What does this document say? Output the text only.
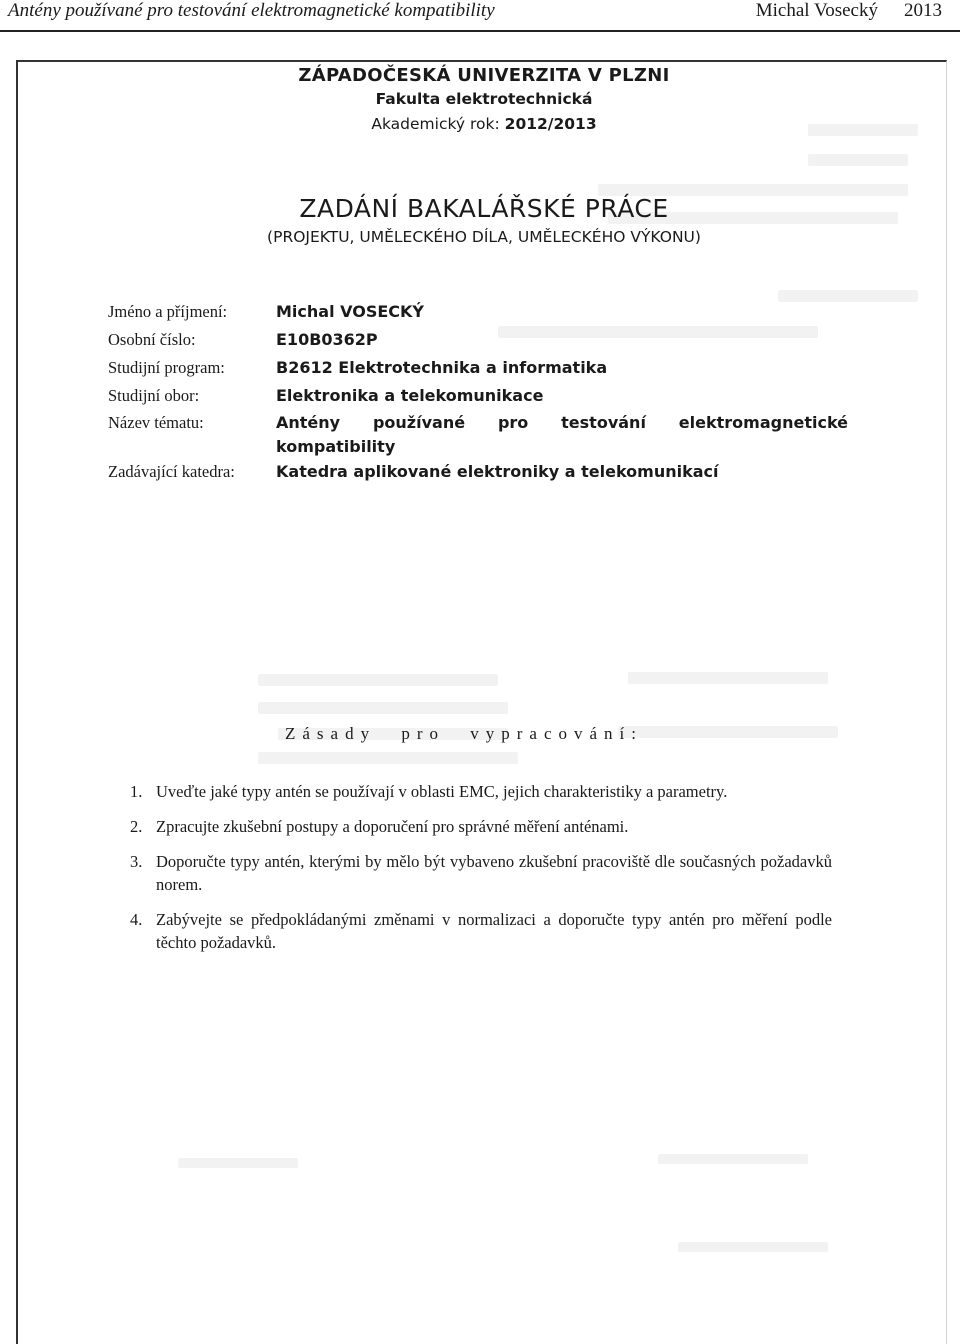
Antény používané pro testování elektromagnetické kompatibility	Michal Vosecký 2013
ZÁPADOČESKÁ UNIVERZITA V PLZNI
Fakulta elektrotechnická
Akademický rok: 2012/2013
ZADÁNÍ BAKALÁŘSKÉ PRÁCE
(PROJEKTU, UMĚLECKÉHO DÍLA, UMĚLECKÉHO VÝKONU)
Jméno a příjmení:	Michal VOSECKÝ
Osobní číslo:	E10B0362P
Studijní program:	B2612 Elektrotechnika a informatika
Studijní obor:	Elektronika a telekomunikace
Název tématu:	Antény používané pro testování elektromagnetické
kompatibility
Zadávající katedra:	Katedra aplikované elektroniky a telekomunikací
Zásady pro vypracování:
1. Uveďte jaké typy antén se používají v oblasti EMC, jejich charakteristiky a parametry.
2. Zpracujte zkušební postupy a doporučení pro správné měření anténami.
3. Doporučte typy antén, kterými by mělo být vybaveno zkušební pracoviště dle současných požadavků norem.
4. Zabývejte se předpokládanými změnami v normalizaci a doporučte typy antén pro měření podle těchto požadavků.
